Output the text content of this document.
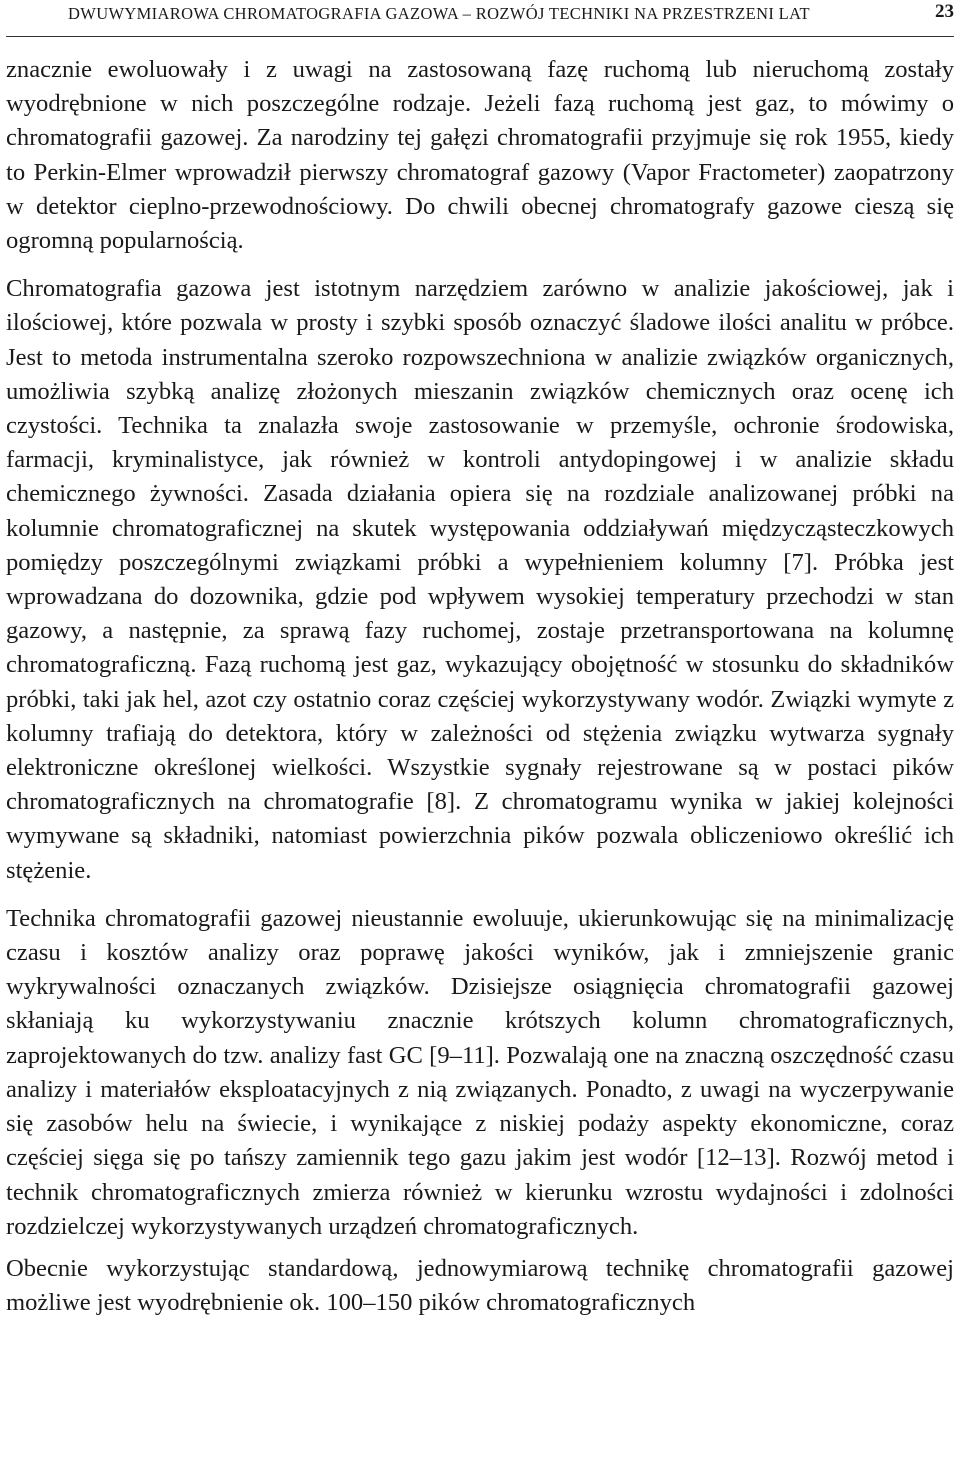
DWUWYMIAROWA CHROMATOGRAFIA GAZOWA – ROZWÓJ TECHNIKI NA PRZESTRZENI LAT	23

znacznie ewoluowały i z uwagi na zastosowaną fazę ruchomą lub nieruchomą zostały wyodrębnione w nich poszczególne rodzaje. Jeżeli fazą ruchomą jest gaz, to mówimy o chromatografii gazowej. Za narodziny tej gałęzi chromatografii przyjmuje się rok 1955, kiedy to Perkin-Elmer wprowadził pierwszy chromatograf gazowy (Vapor Fractometer) zaopatrzony w detektor cieplno-przewodnościowy. Do chwili obecnej chromatografy gazowe cieszą się ogromną popularnością.

Chromatografia gazowa jest istotnym narzędziem zarówno w analizie jakościowej, jak i ilościowej, które pozwala w prosty i szybki sposób oznaczyć śladowe ilości analitu w próbce. Jest to metoda instrumentalna szeroko rozpowszechniona w analizie związków organicznych, umożliwia szybką analizę złożonych mieszanin związków chemicznych oraz ocenę ich czystości. Technika ta znalazła swoje zastosowanie w przemyśle, ochronie środowiska, farmacji, kryminalistyce, jak również w kontroli antydopingowej i w analizie składu chemicznego żywności. Zasada działania opiera się na rozdziale analizowanej próbki na kolumnie chromatograficznej na skutek występowania oddziaływań międzycząsteczkowych pomiędzy poszczególnymi związkami próbki a wypełnieniem kolumny [7]. Próbka jest wprowadzana do dozownika, gdzie pod wpływem wysokiej temperatury przechodzi w stan gazowy, a następnie, za sprawą fazy ruchomej, zostaje przetransportowana na kolumnę chromatograficzną. Fazą ruchomą jest gaz, wykazujący obojętność w stosunku do składników próbki, taki jak hel, azot czy ostatnio coraz częściej wykorzystywany wodór. Związki wymyte z kolumny trafiają do detektora, który w zależności od stężenia związku wytwarza sygnały elektroniczne określonej wielkości. Wszystkie sygnały rejestrowane są w postaci pików chromatograficznych na chromatografie [8]. Z chromatogramu wynika w jakiej kolejności wymywane są składniki, natomiast powierzchnia pików pozwala obliczeniowo określić ich stężenie.

Technika chromatografii gazowej nieustannie ewoluuje, ukierunkowując się na minimalizację czasu i kosztów analizy oraz poprawę jakości wyników, jak i zmniejszenie granic wykrywalności oznaczanych związków. Dzisiejsze osiągnięcia chromatografii gazowej skłaniają ku wykorzystywaniu znacznie krótszych kolumn chromatograficznych, zaprojektowanych do tzw. analizy fast GC [9–11]. Pozwalają one na znaczną oszczędność czasu analizy i materiałów eksploatacyjnych z nią związanych. Ponadto, z uwagi na wyczerpywanie się zasobów helu na świecie, i wynikające z niskiej podaży aspekty ekonomiczne, coraz częściej sięga się po tańszy zamiennik tego gazu jakim jest wodór [12–13]. Rozwój metod i technik chromatograficznych zmierza również w kierunku wzrostu wydajności i zdolności rozdzielczej wykorzystywanych urządzeń chromatograficznych.

Obecnie wykorzystując standardową, jednowymiarową technikę chromatografii gazowej możliwe jest wyodrębnienie ok. 100–150 pików chromatograficznych
